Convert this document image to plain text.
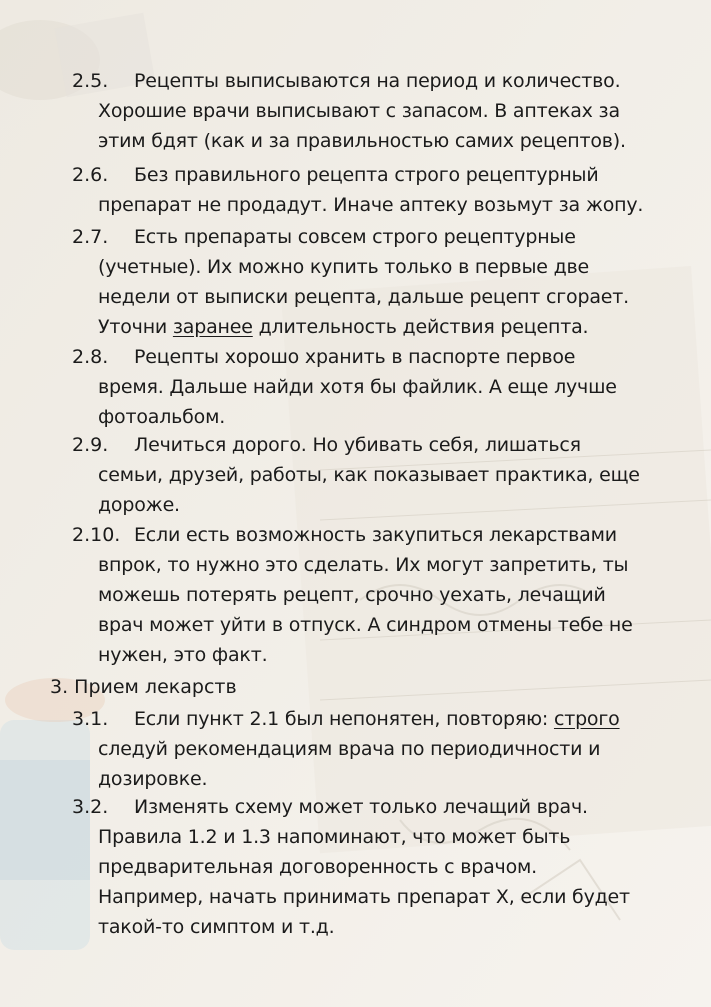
2.5. Рецепты выписываются на период и количество.
Хорошие врачи выписывают с запасом. В аптеках за
этим бдят (как и за правильностью самих рецептов).
2.6. Без правильного рецепта строго рецептурный
препарат не продадут. Иначе аптеку возьмут за жопу.
2.7. Есть препараты совсем строго рецептурные
(учетные). Их можно купить только в первые две
недели от выписки рецепта, дальше рецепт сгорает.
Уточни заранее длительность действия рецепта.
2.8. Рецепты хорошо хранить в паспорте первое
время. Дальше найди хотя бы файлик. А еще лучше
фотоальбом.
2.9. Лечиться дорого. Но убивать себя, лишаться
семьи, друзей, работы, как показывает практика, еще
дороже.
2.10. Если есть возможность закупиться лекарствами
впрок, то нужно это сделать. Их могут запретить, ты
можешь потерять рецепт, срочно уехать, лечащий
врач может уйти в отпуск. А синдром отмены тебе не
нужен, это факт.
3. Прием лекарств
3.1. Если пункт 2.1 был непонятен, повторяю: строго
следуй рекомендациям врача по периодичности и
дозировке.
3.2. Изменять схему может только лечащий врач.
Правила 1.2 и 1.3 напоминают, что может быть
предварительная договоренность с врачом.
Например, начать принимать препарат X, если будет
такой-то симптом и т.д.
